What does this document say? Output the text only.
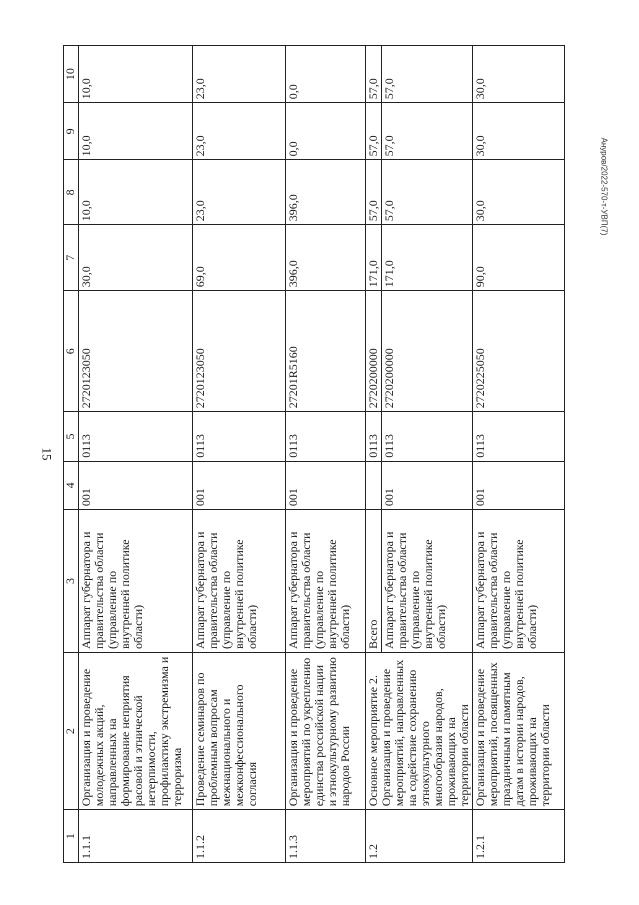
15
Ануров/2022-570-т-УВП(7)
1	2	3	4	5	6	7	8	9	10
1.1.1	Организация и проведение молодежных акций, направленных на формирование неприятия расовой и этнической нетерпимости, профилактику экстремизма и терроризма	Аппарат губернатора и правительства области (управление по внутренней политике области)	001	0113	2720123050	30,0	10,0	10,0	10,0
1.1.2	Проведение семинаров по проблемным вопросам межнационального и межконфессионального согласия	Аппарат губернатора и правительства области (управление по внутренней политике области)	001	0113	2720123050	69,0	23,0	23,0	23,0
1.1.3	Организация и проведение мероприятий по укреплению единства российской нации и этнокультурному развитию народов России	Аппарат губернатора и правительства области (управление по внутренней политике области)	001	0113	27201R5160	396,0	396,0	0,0	0,0
1.2	Основное мероприятие 2. Организация и проведение мероприятий, направленных на содействие сохранению этнокультурного многообразия народов, проживающих на территории области	Всего		0113	2720200000	171,0	57,0	57,0	57,0
		Аппарат губернатора и правительства области (управление по внутренней политике области)	001	0113	2720200000	171,0	57,0	57,0	57,0
1.2.1	Организация и проведение мероприятий, посвященных праздничным и памятным датам в истории народов, проживающих на территории области	Аппарат губернатора и правительства области (управление по внутренней политике области)	001	0113	2720225050	90,0	30,0	30,0	30,0
